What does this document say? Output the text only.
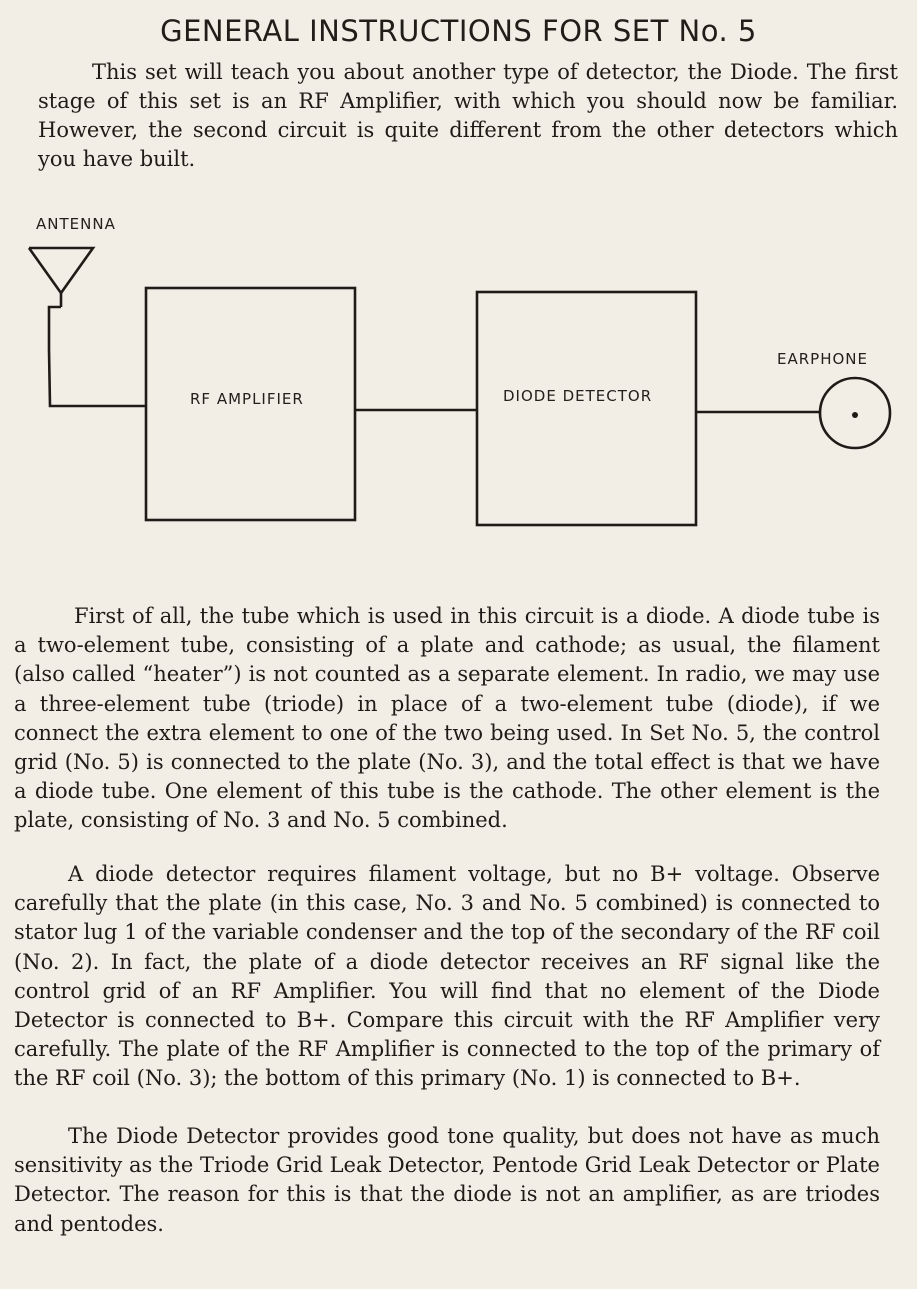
GENERAL INSTRUCTIONS FOR SET No. 5

This set will teach you about another type of detector, the Diode. The first stage of this set is an RF Amplifier, with which you should now be familiar. However, the second circuit is quite different from the other detectors which you have built.

ANTENNA
RF AMPLIFIER	DIODE DETECTOR
EARPHONE

First of all, the tube which is used in this circuit is a diode. A diode tube is a two-element tube, consisting of a plate and cathode; as usual, the filament (also called “heater”) is not counted as a separate element. In radio, we may use a three-element tube (triode) in place of a two-element tube (diode), if we connect the extra element to one of the two being used. In Set No. 5, the control grid (No. 5) is connected to the plate (No. 3), and the total effect is that we have a diode tube. One element of this tube is the cathode. The other element is the plate, consisting of No. 3 and No. 5 combined.

A diode detector requires filament voltage, but no B+ voltage. Observe carefully that the plate (in this case, No. 3 and No. 5 combined) is connected to stator lug 1 of the variable condenser and the top of the secondary of the RF coil (No. 2). In fact, the plate of a diode detector receives an RF signal like the control grid of an RF Amplifier. You will find that no element of the Diode Detector is connected to B+. Compare this circuit with the RF Amplifier very carefully. The plate of the RF Amplifier is connected to the top of the primary of the RF coil (No. 3); the bottom of this primary (No. 1) is connected to B+.

The Diode Detector provides good tone quality, but does not have as much sensitivity as the Triode Grid Leak Detector, Pentode Grid Leak Detector or Plate Detector. The reason for this is that the diode is not an amplifier, as are triodes and pentodes.
